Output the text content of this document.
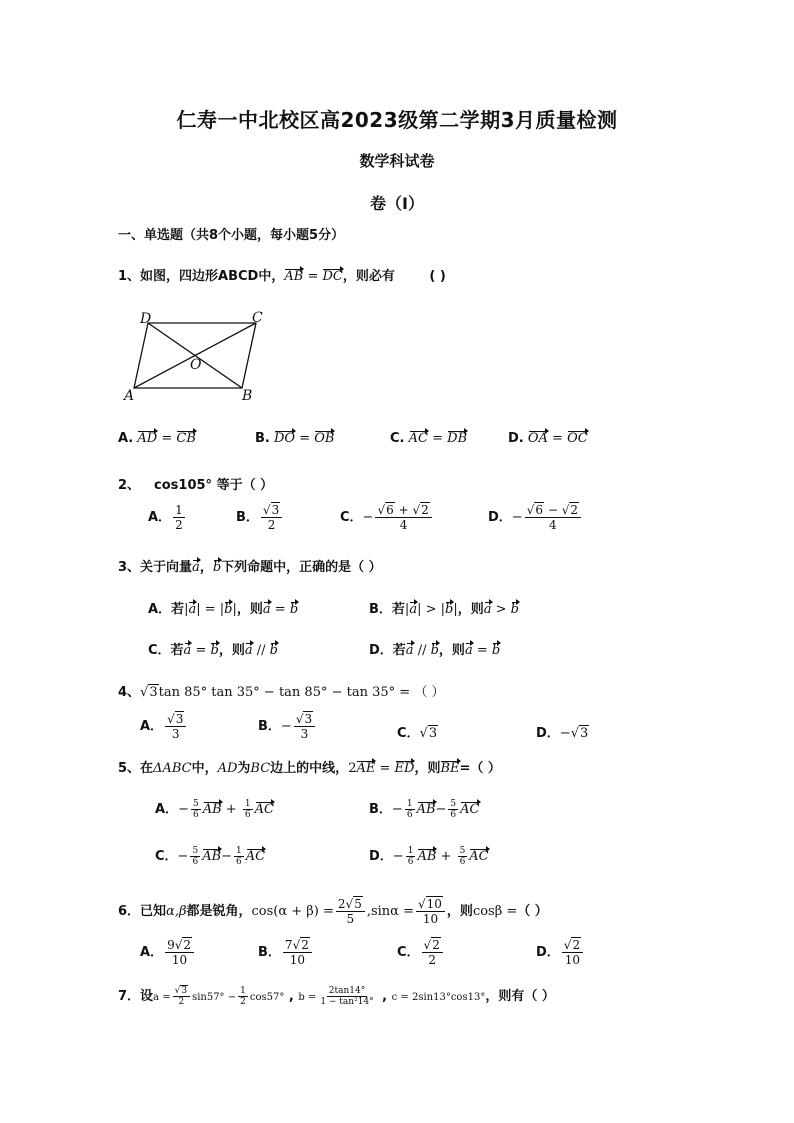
仁寿一中北校区高2023级第二学期3月质量检测
数学科试卷
卷（I）
一、单选题（共8个小题，每小题5分）
1、如图，四边形ABCD中，AB = DC，则必有 ( )
D	C
O
A	B
A. AD = CB	B. DO = OB	C. AC = DB	D. OA = OC
2、 cos105° 等于（ ）
A． $\frac{1}{2}$	B． $\frac{√3}{2}$	C．− $\frac{√6 + √2}{4}$	D．− $\frac{√6 - √2}{4}$
3、关于向量a，b下列命题中，正确的是（ ）
A．若|a| = |b|，则a = b	B．若|a| > |b|，则a > b
C．若a = b，则a // b	D．若a // b，则a = b
4、√3tan 85° tan 35° − tan 85° − tan 35° = （ ）
A． $\frac{√3}{3}$	B．− $\frac{√3}{3}$	C．√3	D．−√3
5、在ΔABC中，AD为BC边上的中线，2AE = ED，则BE=（ ）
A．− $\frac{5}{6}$ AB + $\frac{1}{6}$ AC	B．− $\frac{1}{6} AB- \frac{5}{6}$ AC
C．− $\frac{5}{6} AB- \frac{1}{6}$ AC	D．− $\frac{1}{6}$ AB + $\frac{5}{6}$ AC
6．已知α,β都是锐角，$\cos(\alpha + \beta) = \frac{2√5}{5} ,\sin\alpha = \frac{√10}{10}$ ，则cosβ =（ ）
A． $\frac{9√2}{10}$	B． $\frac{7√2}{10}$	C． $\frac{√2}{2}$	D． $\frac{√2}{10}$
7．设$a = \frac{√3}{2} \sin 57^\circ - \frac{1}{2} \cos 57^\circ$ , $b = \frac{2\tan 14^\circ}{\text{1 − tan²14°}}$ , c = 2sin13°cos13°，则有（ ）
